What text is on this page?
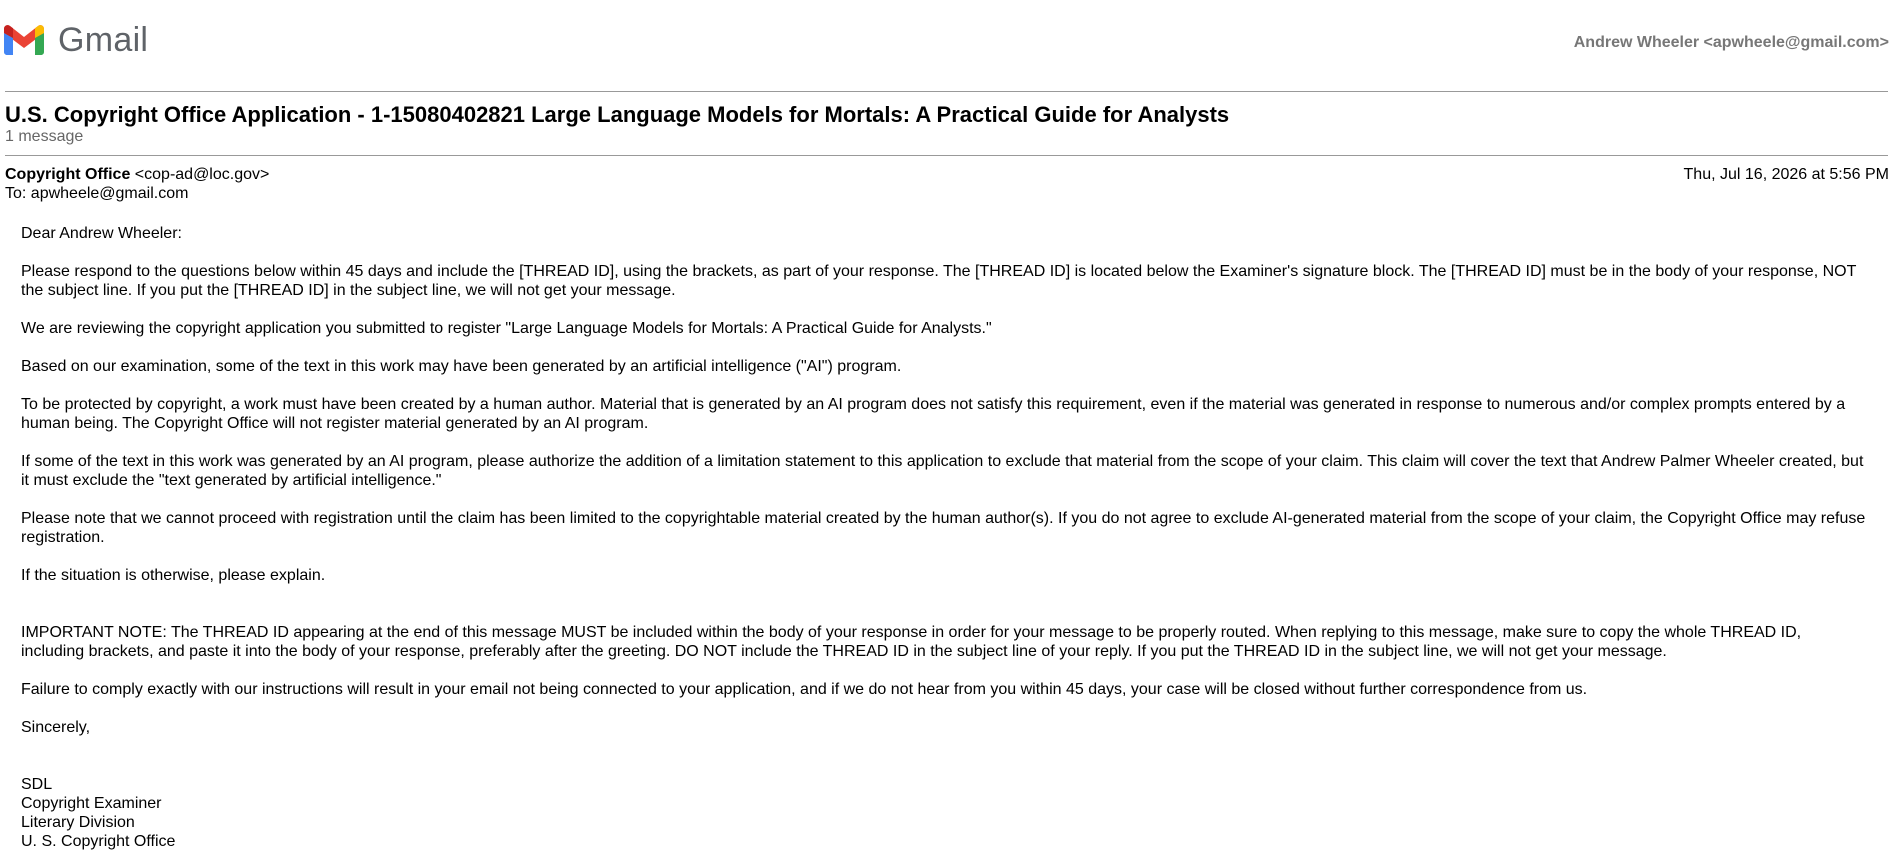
Gmail	Andrew Wheeler <apwheele@gmail.com>
U.S. Copyright Office Application - 1-15080402821 Large Language Models for Mortals: A Practical Guide for Analysts
1 message
Copyright Office <cop-ad@loc.gov>	Thu, Jul 16, 2026 at 5:56 PM
To: apwheele@gmail.com

Dear Andrew Wheeler:

Please respond to the questions below within 45 days and include the [THREAD ID], using the brackets, as part of your response. The [THREAD ID] is located below the Examiner's signature block. The [THREAD ID] must be in the body of your response, NOT the subject line. If you put the [THREAD ID] in the subject line, we will not get your message.

We are reviewing the copyright application you submitted to register "Large Language Models for Mortals: A Practical Guide for Analysts."

Based on our examination, some of the text in this work may have been generated by an artificial intelligence ("AI") program.

To be protected by copyright, a work must have been created by a human author. Material that is generated by an AI program does not satisfy this requirement, even if the material was generated in response to numerous and/or complex prompts entered by a human being. The Copyright Office will not register material generated by an AI program.

If some of the text in this work was generated by an AI program, please authorize the addition of a limitation statement to this application to exclude that material from the scope of your claim. This claim will cover the text that Andrew Palmer Wheeler created, but it must exclude the "text generated by artificial intelligence."

Please note that we cannot proceed with registration until the claim has been limited to the copyrightable material created by the human author(s). If you do not agree to exclude AI-generated material from the scope of your claim, the Copyright Office may refuse registration.

If the situation is otherwise, please explain.

IMPORTANT NOTE: The THREAD ID appearing at the end of this message MUST be included within the body of your response in order for your message to be properly routed. When replying to this message, make sure to copy the whole THREAD ID, including brackets, and paste it into the body of your response, preferably after the greeting. DO NOT include the THREAD ID in the subject line of your reply. If you put the THREAD ID in the subject line, we will not get your message.

Failure to comply exactly with our instructions will result in your email not being connected to your application, and if we do not hear from you within 45 days, your case will be closed without further correspondence from us.

Sincerely,

SDL

Copyright Examiner

Literary Division

U. S. Copyright Office
